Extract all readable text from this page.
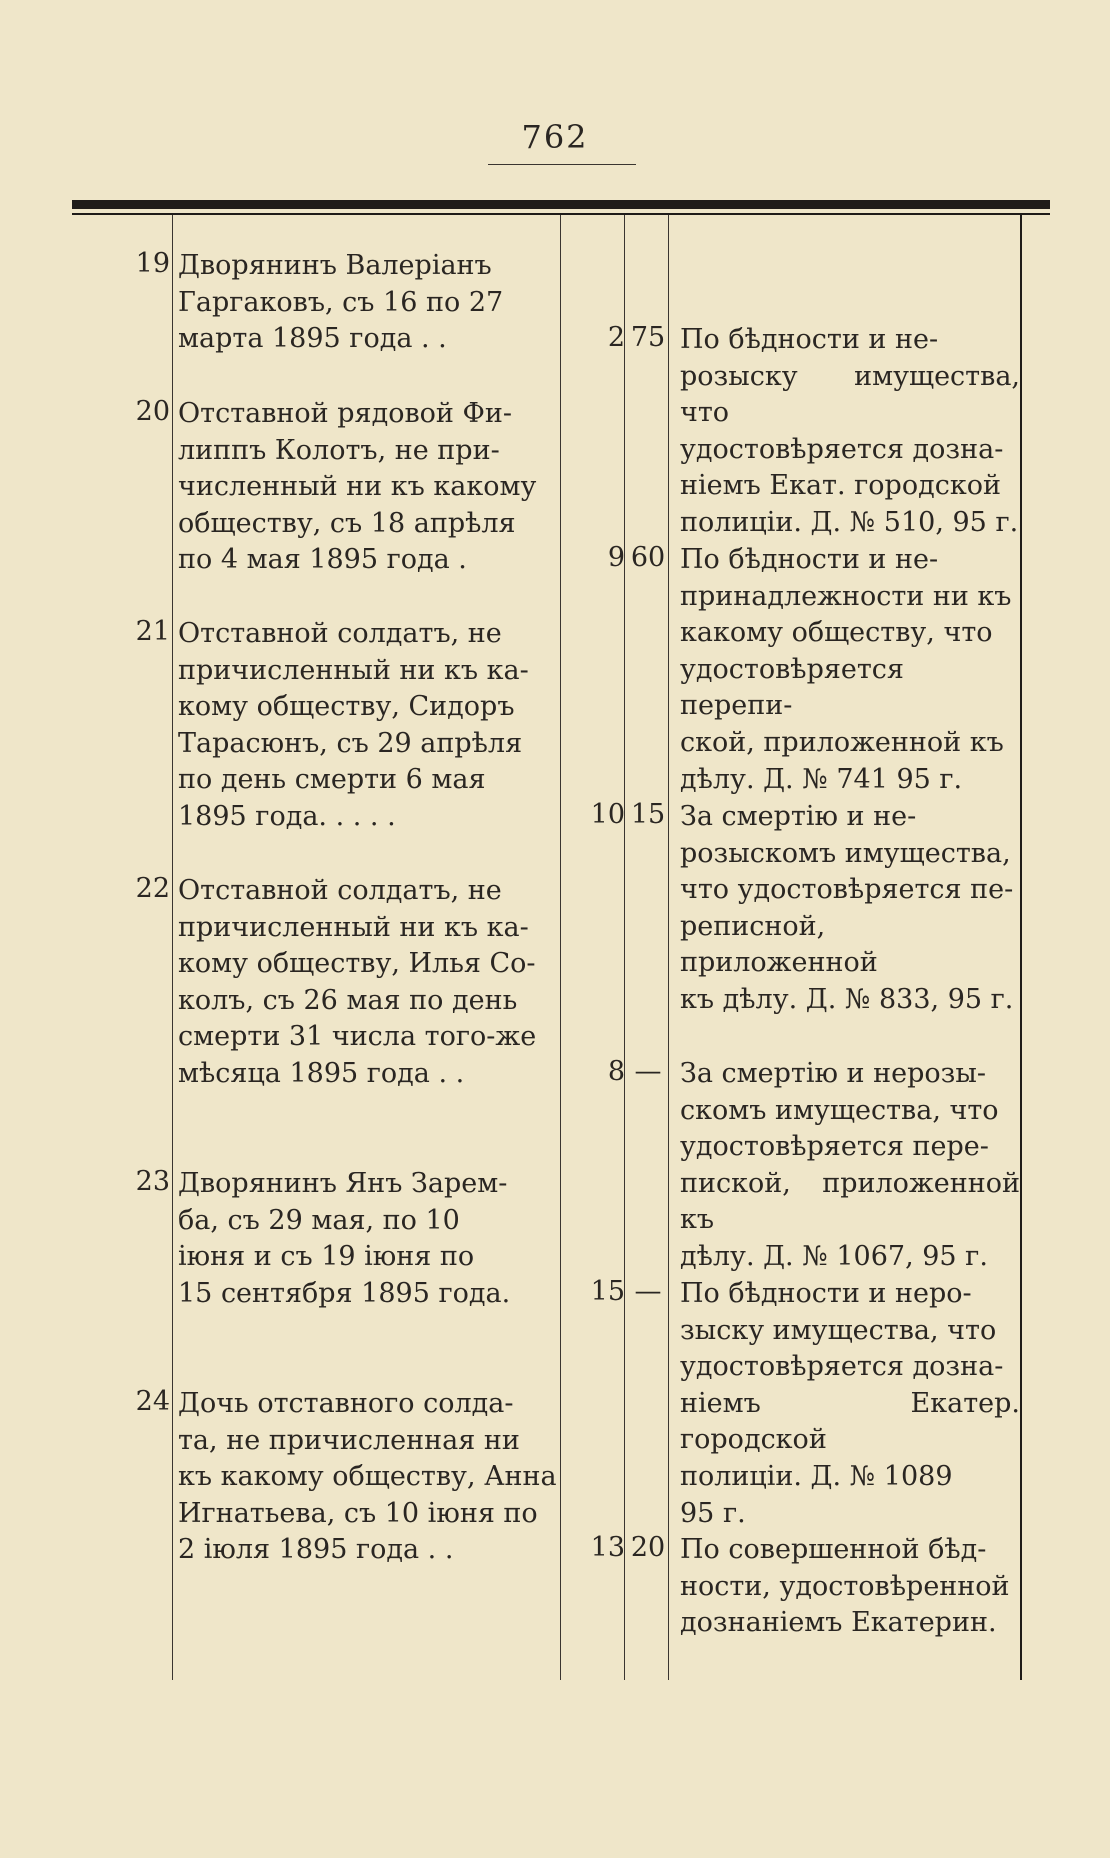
762
19 Дворянинъ Валеріанъ
Гаргаковъ, съ 16 по 27
марта 1895 года . .	2 75 По бѣдности и не-
розыску имущества, что
удостовѣряется дозна-
ніемъ Екат. городской
полиціи. Д. № 510, 95 г.
20 Отставной рядовой Фи-
липпъ Колотъ, не при-
численный ни къ какому
обществу, съ 18 апрѣля
по 4 мая 1895 года .	9 60 По бѣдности и не-
принадлежности ни къ
какому обществу, что
удостовѣряется перепи-
ской, приложенной къ
дѣлу. Д. № 741 95 г.
21 Отставной солдатъ, не
причисленный ни къ ка-
кому обществу, Сидоръ
Тарасюнъ, съ 29 апрѣля
по день смерти 6 мая
1895 года. . . . .	10 15 За смертію и не-
розыскомъ имущества,
что удостовѣряется пе-
реписной, приложенной
къ дѣлу. Д. № 833, 95 г.
22 Отставной солдатъ, не
причисленный ни къ ка-
кому обществу, Илья Со-
колъ, съ 26 мая по день
смерти 31 числа того-же
мѣсяца 1895 года . .	8 — За смертію и нерозы-
скомъ имущества, что
удостовѣряется пере-
пиской, приложенной къ
дѣлу. Д. № 1067, 95 г.
23 Дворянинъ Янъ Зарем-
ба, съ 29 мая, по 10
іюня и съ 19 іюня по
15 сентября 1895 года.	15 — По бѣдности и неро-
зыску имущества, что
удостовѣряется дозна-
ніемъ Екатер. городской
полиціи. Д. № 1089
95 г.
24 Дочь отставного солда-
та, не причисленная ни
къ какому обществу, Анна
Игнатьева, съ 10 іюня по
2 іюля 1895 года . .	13 20 По совершенной бѣд-
ности, удостовѣренной
дознаніемъ Екатерин.
